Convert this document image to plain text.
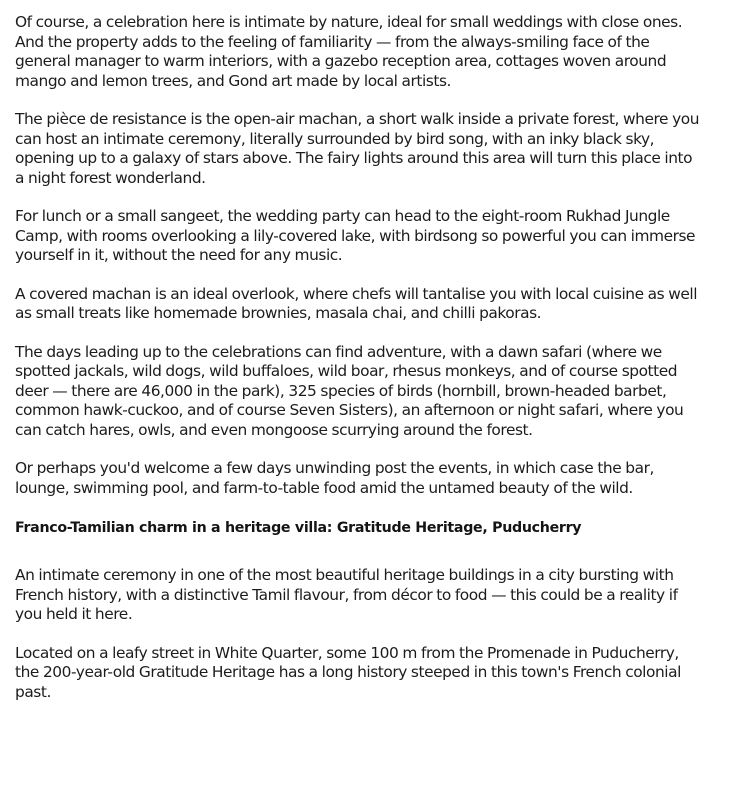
Of course, a celebration here is intimate by nature, ideal for small weddings with close ones. And the property adds to the feeling of familiarity — from the always-smiling face of the general manager to warm interiors, with a gazebo reception area, cottages woven around mango and lemon trees, and Gond art made by local artists.

The pièce de resistance is the open-air machan, a short walk inside a private forest, where you can host an intimate ceremony, literally surrounded by bird song, with an inky black sky, opening up to a galaxy of stars above. The fairy lights around this area will turn this place into a night forest wonderland.

For lunch or a small sangeet, the wedding party can head to the eight-room Rukhad Jungle Camp, with rooms overlooking a lily-covered lake, with birdsong so powerful you can immerse yourself in it, without the need for any music.

A covered machan is an ideal overlook, where chefs will tantalise you with local cuisine as well as small treats like homemade brownies, masala chai, and chilli pakoras.

The days leading up to the celebrations can find adventure, with a dawn safari (where we spotted jackals, wild dogs, wild buffaloes, wild boar, rhesus monkeys, and of course spotted deer — there are 46,000 in the park), 325 species of birds (hornbill, brown-headed barbet, common hawk-cuckoo, and of course Seven Sisters), an afternoon or night safari, where you can catch hares, owls, and even mongoose scurrying around the forest.

Or perhaps you'd welcome a few days unwinding post the events, in which case the bar, lounge, swimming pool, and farm-to-table food amid the untamed beauty of the wild.

Franco-Tamilian charm in a heritage villa: Gratitude Heritage, Puducherry

An intimate ceremony in one of the most beautiful heritage buildings in a city bursting with French history, with a distinctive Tamil flavour, from décor to food — this could be a reality if you held it here.

Located on a leafy street in White Quarter, some 100 m from the Promenade in Puducherry, the 200-year-old Gratitude Heritage has a long history steeped in this town's French colonial past.
